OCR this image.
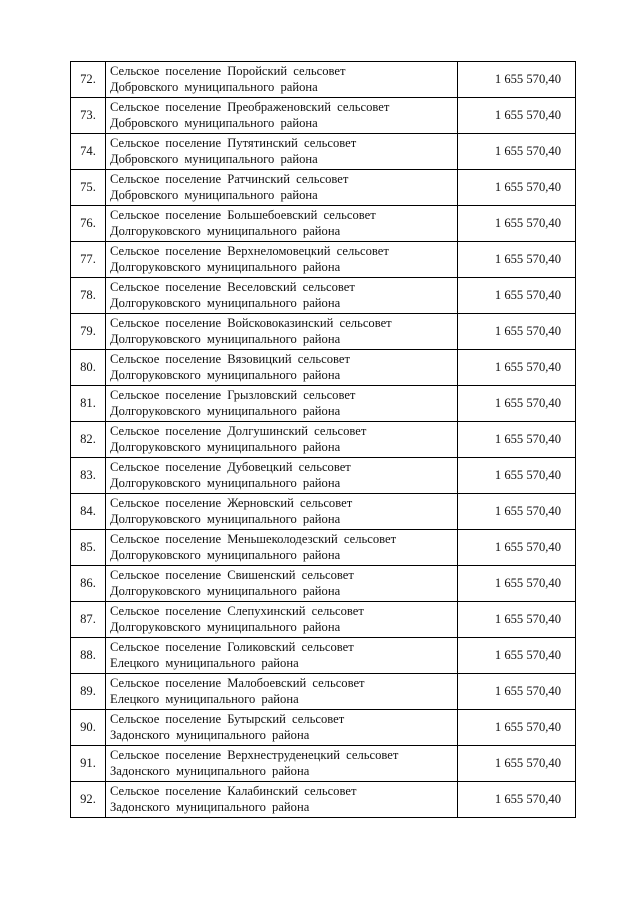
72.	Сельское поселение Поройский сельсовет
Добровского муниципального района	1 655 570,40
73.	Сельское поселение Преображеновский сельсовет
Добровского муниципального района	1 655 570,40
74.	Сельское поселение Путятинский сельсовет
Добровского муниципального района	1 655 570,40
75.	Сельское поселение Ратчинский сельсовет
Добровского муниципального района	1 655 570,40
76.	Сельское поселение Большебоевский сельсовет
Долгоруковского муниципального района	1 655 570,40
77.	Сельское поселение Верхнеломовецкий сельсовет
Долгоруковского муниципального района	1 655 570,40
78.	Сельское поселение Веселовский сельсовет
Долгоруковского муниципального района	1 655 570,40
79.	Сельское поселение Войсковоказинский сельсовет
Долгоруковского муниципального района	1 655 570,40
80.	Сельское поселение Вязовицкий сельсовет
Долгоруковского муниципального района	1 655 570,40
81.	Сельское поселение Грызловский сельсовет
Долгоруковского муниципального района	1 655 570,40
82.	Сельское поселение Долгушинский сельсовет
Долгоруковского муниципального района	1 655 570,40
83.	Сельское поселение Дубовецкий сельсовет
Долгоруковского муниципального района	1 655 570,40
84.	Сельское поселение Жерновский сельсовет
Долгоруковского муниципального района	1 655 570,40
85.	Сельское поселение Меньшеколодезский сельсовет
Долгоруковского муниципального района	1 655 570,40
86.	Сельское поселение Свишенский сельсовет
Долгоруковского муниципального района	1 655 570,40
87.	Сельское поселение Слепухинский сельсовет
Долгоруковского муниципального района	1 655 570,40
88.	Сельское поселение Голиковский сельсовет
Елецкого муниципального района	1 655 570,40
89.	Сельское поселение Малобоевский сельсовет
Елецкого муниципального района	1 655 570,40
90.	Сельское поселение Бутырский сельсовет
Задонского муниципального района	1 655 570,40
91.	Сельское поселение Верхнеструденецкий сельсовет
Задонского муниципального района	1 655 570,40
92.	Сельское поселение Калабинский сельсовет
Задонского муниципального района	1 655 570,40
